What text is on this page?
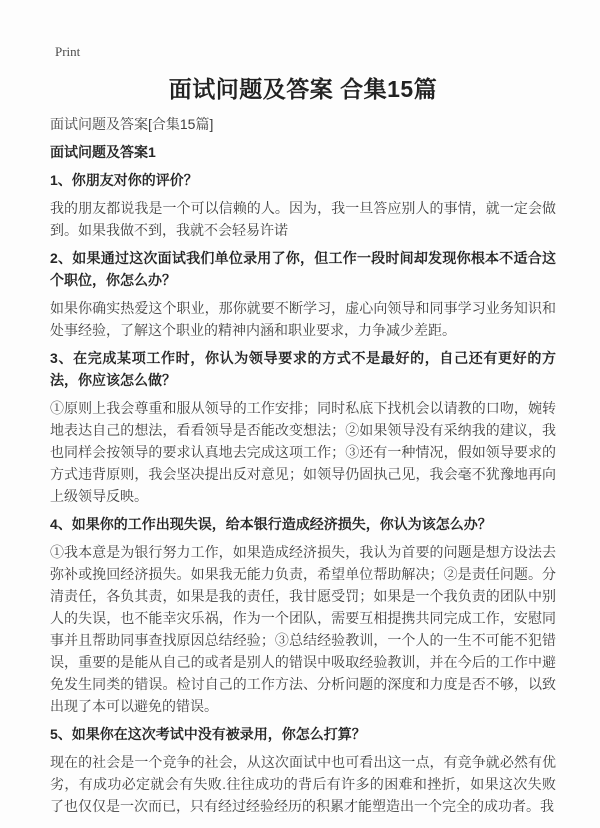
Print
面试问题及答案 合集15篇
面试问题及答案[合集15篇]
面试问题及答案1
1、你朋友对你的评价？
我的朋友都说我是一个可以信赖的人。因为，我一旦答应别人的事情，就一定会做到。如果我做不到，我就不会轻易许诺
2、如果通过这次面试我们单位录用了你，但工作一段时间却发现你根本不适合这个职位，你怎么办？
如果你确实热爱这个职业，那你就要不断学习，虚心向领导和同事学习业务知识和处事经验，了解这个职业的精神内涵和职业要求，力争减少差距。
3、在完成某项工作时，你认为领导要求的方式不是最好的，自己还有更好的方法，你应该怎么做？
①原则上我会尊重和服从领导的工作安排；同时私底下找机会以请教的口吻，婉转地表达自己的想法，看看领导是否能改变想法；②如果领导没有采纳我的建议，我也同样会按领导的要求认真地去完成这项工作；③还有一种情况，假如领导要求的方式违背原则，我会坚决提出反对意见；如领导仍固执己见，我会毫不犹豫地再向上级领导反映。
4、如果你的工作出现失误，给本银行造成经济损失，你认为该怎么办？
①我本意是为银行努力工作，如果造成经济损失，我认为首要的问题是想方设法去弥补或挽回经济损失。如果我无能力负责，希望单位帮助解决；②是责任问题。分清责任，各负其责，如果是我的责任，我甘愿受罚；如果是一个我负责的团队中别人的失误，也不能幸灾乐祸，作为一个团队，需要互相提携共同完成工作，安慰同事并且帮助同事查找原因总结经验；③总结经验教训，一个人的一生不可能不犯错误，重要的是能从自己的或者是别人的错误中吸取经验教训，并在今后的工作中避免发生同类的错误。检讨自己的工作方法、分析问题的深度和力度是否不够，以致出现了本可以避免的错误。
5、如果你在这次考试中没有被录用，你怎么打算？
现在的社会是一个竞争的社会，从这次面试中也可看出这一点，有竞争就必然有优劣，有成功必定就会有失败.往往成功的背后有许多的困难和挫折，如果这次失败了也仅仅是一次而已，只有经过经验经历的积累才能塑造出一个完全的成功者。我
